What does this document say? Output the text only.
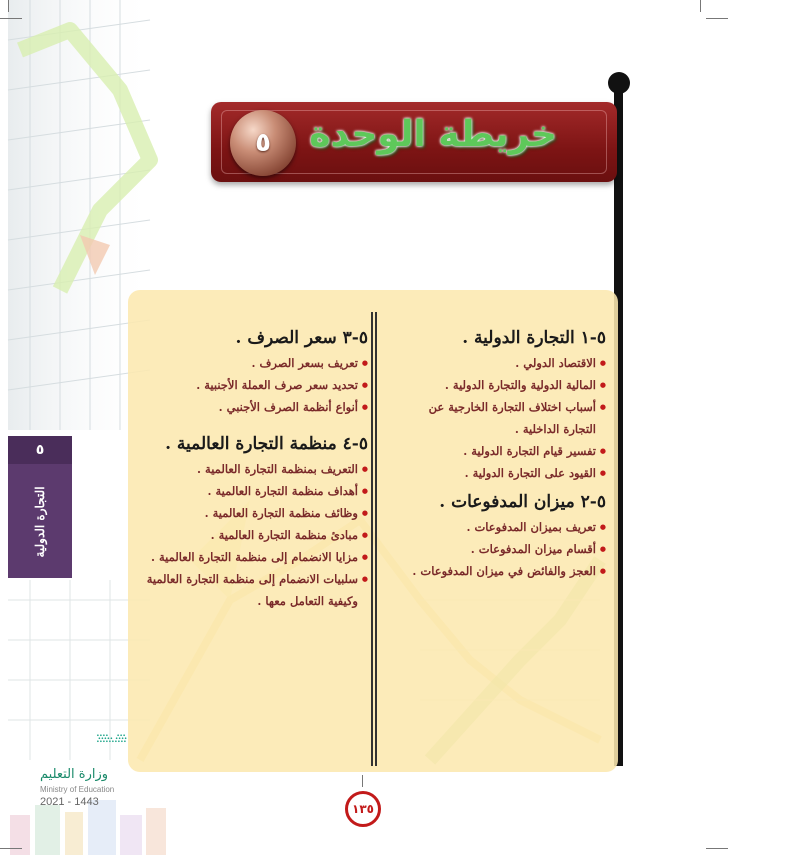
خريطة الوحدة
٥
٥-١ التجارة الدولية .
● الاقتصاد الدولي .
● المالية الدولية والتجارة الدولية .
● أسباب اختلاف التجارة الخارجية عن
التجارة الداخلية .
● تفسير قيام التجارة الدولية .
● القيود على التجارة الدولية .
٥-٢ ميزان المدفوعات .
● تعريف بميزان المدفوعات .
● أقسام ميزان المدفوعات .
● العجز والفائض في ميزان المدفوعات .
٥-٣ سعر الصرف .
● تعريف بسعر الصرف .
● تحديد سعر صرف العملة الأجنبية .
● أنواع أنظمة الصرف الأجنبي .
٥-٤ منظمة التجارة العالمية .
● التعريف بمنظمة التجارة العالمية .
● أهداف منظمة التجارة العالمية .
● وظائف منظمة التجارة العالمية .
● مبادئ منظمة التجارة العالمية .
● مزايا الانضمام إلى منظمة التجارة العالمية .
● سلبيات الانضمام إلى منظمة التجارة العالمية
وكيفية التعامل معها .
٥
التجارة الدولية
وزارة التعليم
Ministry of Education
2021 - 1443	١٣٥
